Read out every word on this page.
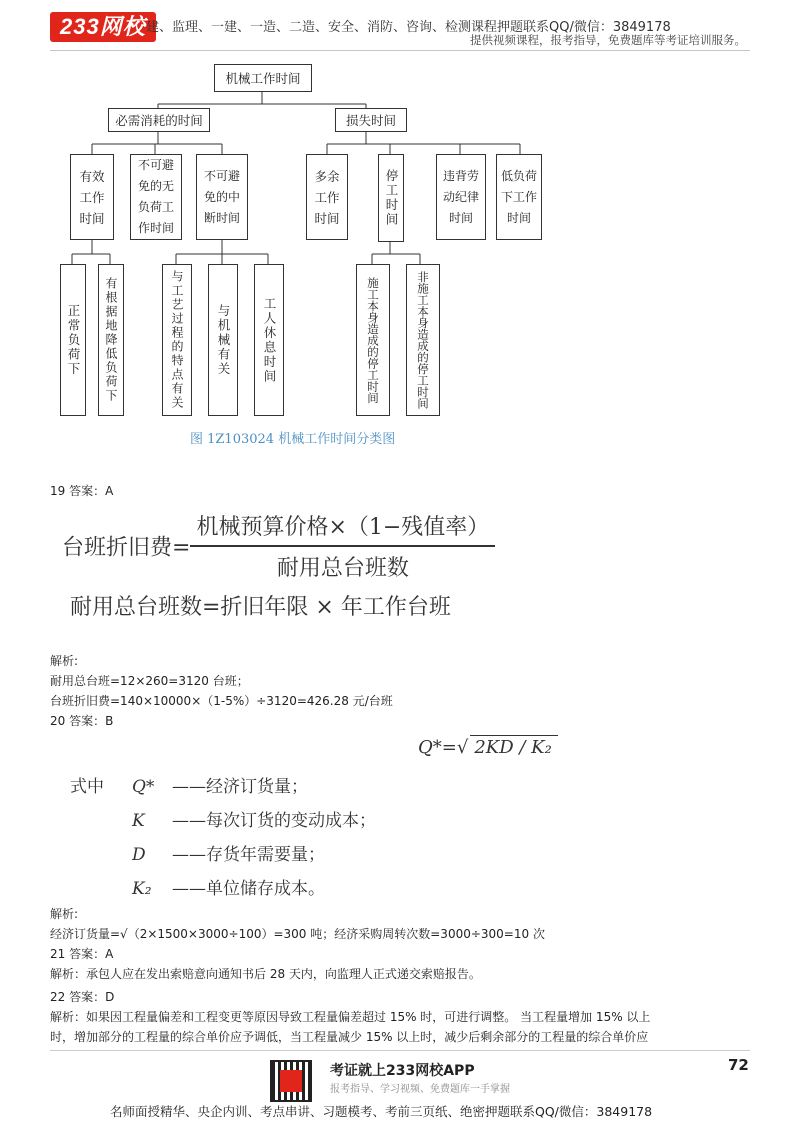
233网校 建、监理、一建、一造、二造、安全、消防、咨询、检测课程押题联系QQ/微信：3849178
提供视频课程，报考指导，免费题库等考证培训服务。
机械工作时间
必需消耗的时间	损失时间
有效工作时间
不可避免的无负荷工作时间
不可避免的中断时间
多余工作时间	停工时间	违背劳动纪律时间
低负荷下工作时间
正常负荷下 有根据地降低负荷下	与工艺过程的特点有关	与机械有关 工人休息时间	施工本身造成的停工时间	非施工本身造成的停工时间
图 1Z103024 机械工作时间分类图
19 答案：A
台班折旧费= $\frac{\text{机械预算价格×（1−残值率）}}{\text{耐用总台班数}}$
耐用总台班数=折旧年限 × 年工作台班
解析:
耐用总台班=12×260=3120 台班；
台班折旧费=140×10000×（1-5%）÷3120=426.28 元/台班
20 答案：B
Q*=√ 2KD / K₂
式中 Q* ——经济订货量；
K ——每次订货的变动成本；
D ——存货年需要量；
K₂ ——单位储存成本。
解析:
经济订货量=√（2×1500×3000÷100）=300 吨；经济采购周转次数=3000÷300=10 次
21 答案：A
解析：承包人应在发出索赔意向通知书后 28 天内，向监理人正式递交索赔报告。
22 答案：D
解析：如果因工程量偏差和工程变更等原因导致工程量偏差超过 15% 时，可进行调整。 当工程量增加 15% 以上
时，增加部分的工程量的综合单价应予调低，当工程量减少 15% 以上时，减少后剩余部分的工程量的综合单价应
72
考证就上233网校APP
报考指导、学习视频、免费题库一手掌握
名师面授精华、央企内训、考点串讲、习题模考、考前三页纸、绝密押题联系QQ/微信：3849178
